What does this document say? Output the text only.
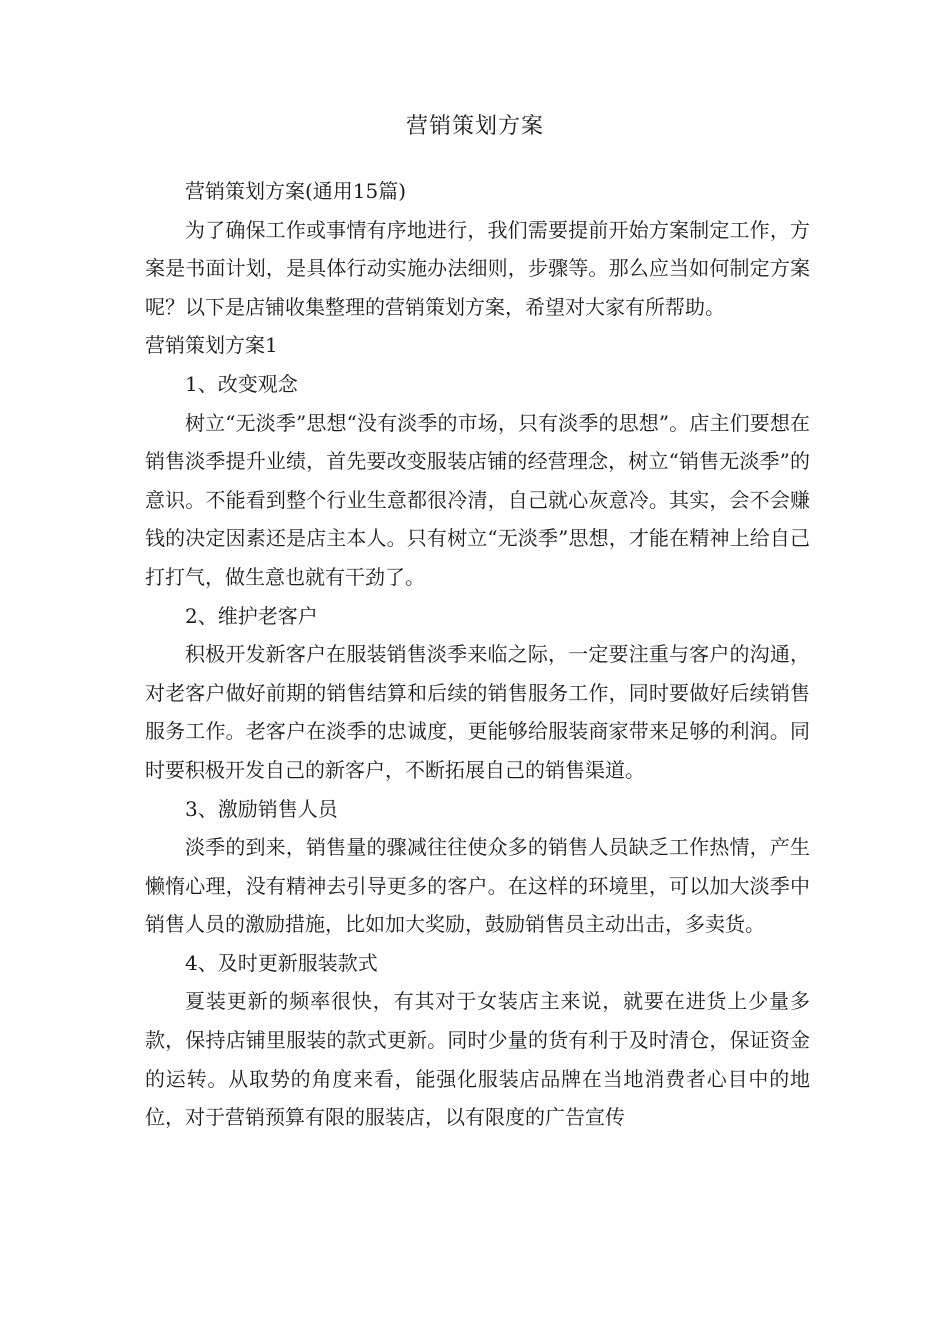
营销策划方案

营销策划方案(通用15篇)

为了确保工作或事情有序地进行，我们需要提前开始方案制定工作，方案是书面计划，是具体行动实施办法细则，步骤等。那么应当如何制定方案呢？以下是店铺收集整理的营销策划方案，希望对大家有所帮助。

营销策划方案1

1、改变观念

树立“无淡季”思想“没有淡季的市场，只有淡季的思想”。店主们要想在销售淡季提升业绩，首先要改变服装店铺的经营理念，树立“销售无淡季”的意识。不能看到整个行业生意都很冷清，自己就心灰意冷。其实，会不会赚钱的决定因素还是店主本人。只有树立“无淡季”思想，才能在精神上给自己打打气，做生意也就有干劲了。

2、维护老客户

积极开发新客户在服装销售淡季来临之际，一定要注重与客户的沟通，对老客户做好前期的销售结算和后续的销售服务工作，同时要做好后续销售服务工作。老客户在淡季的忠诚度，更能够给服装商家带来足够的利润。同时要积极开发自己的新客户，不断拓展自己的销售渠道。

3、激励销售人员

淡季的到来，销售量的骤减往往使众多的销售人员缺乏工作热情，产生懒惰心理，没有精神去引导更多的客户。在这样的环境里，可以加大淡季中销售人员的激励措施，比如加大奖励，鼓励销售员主动出击，多卖货。

4、及时更新服装款式

夏装更新的频率很快，有其对于女装店主来说，就要在进货上少量多款，保持店铺里服装的款式更新。同时少量的货有利于及时清仓，保证资金的运转。从取势的角度来看，能强化服装店品牌在当地消费者心目中的地位，对于营销预算有限的服装店，以有限度的广告宣传
